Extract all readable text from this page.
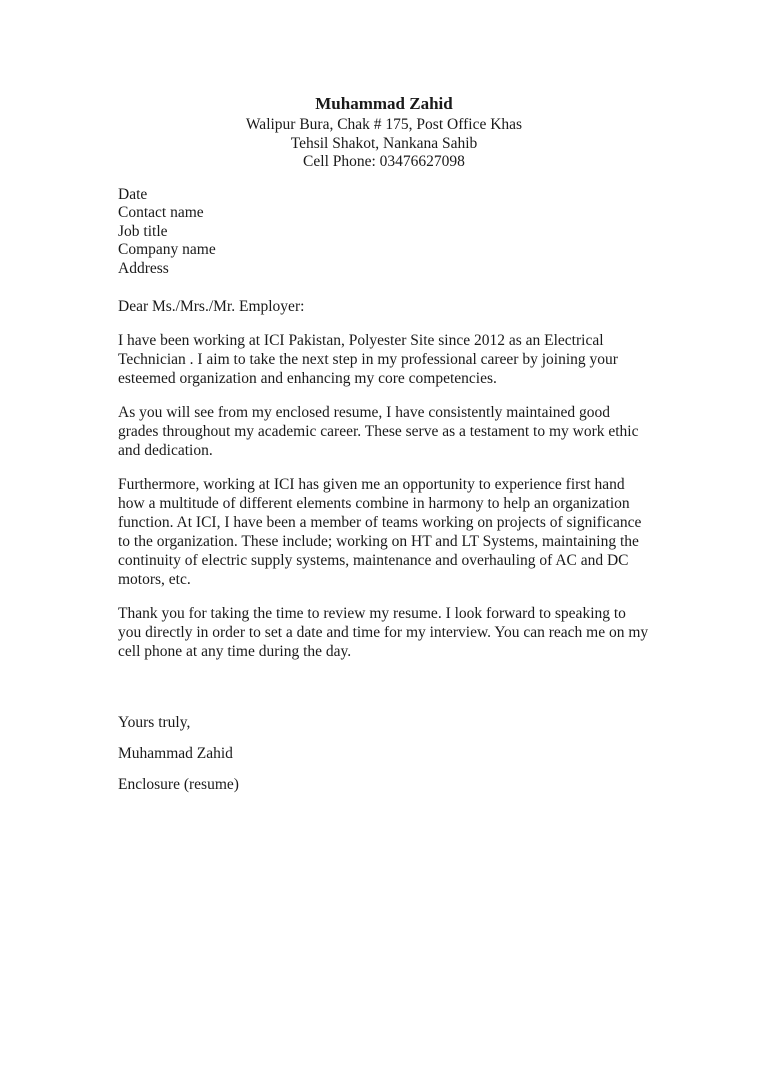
Muhammad Zahid
Walipur Bura, Chak # 175, Post Office Khas
Tehsil Shakot, Nankana Sahib
Cell Phone: 03476627098
Date
Contact name
Job title
Company name
Address

Dear Ms./Mrs./Mr. Employer:

I have been working at ICI Pakistan, Polyester Site since 2012 as an Electrical Technician . I aim to take the next step in my professional career by joining your esteemed organization and enhancing my core competencies.

As you will see from my enclosed resume, I have consistently maintained good grades throughout my academic career. These serve as a testament to my work ethic and dedication.

Furthermore, working at ICI has given me an opportunity to experience first hand how a multitude of different elements combine in harmony to help an organization function. At ICI, I have been a member of teams working on projects of significance to the organization. These include; working on HT and LT Systems, maintaining the continuity of electric supply systems, maintenance and overhauling of AC and DC motors, etc.

Thank you for taking the time to review my resume. I look forward to speaking to you directly in order to set a date and time for my interview. You can reach me on my cell phone at any time during the day.

Yours truly,

Muhammad Zahid

Enclosure (resume)
